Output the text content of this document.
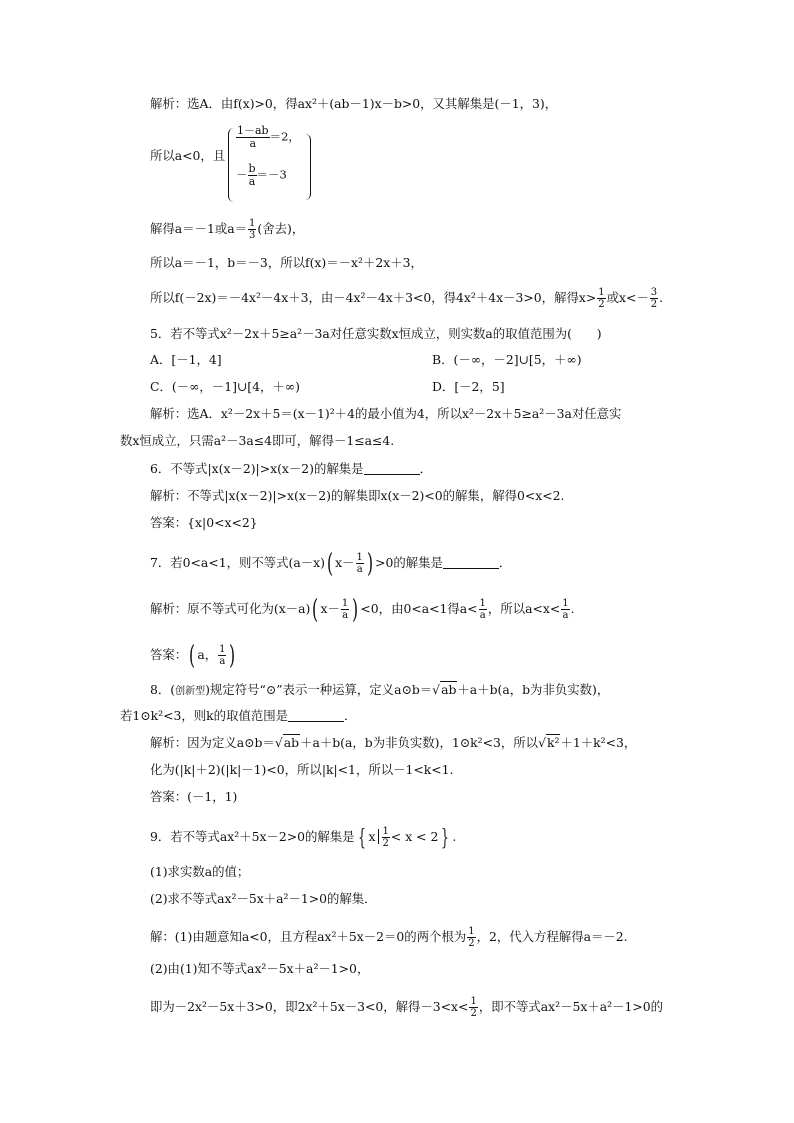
解析：选A．由f(x)>0，得ax²＋(ab－1)x－b>0，又其解集是(－1，3)，

所以a<0，且

$\frac{1-ab}{a} =2$，
－ $\frac{b}{a} =-3$

解得a＝－1或$a= \frac{1}{3}$ (舍去)，

所以a＝－1，b＝－3，所以f(x)＝－x²＋2x＋3，

所以f(－2x)＝－4x²－4x＋3，由－4x²－4x＋3<0，得4x²＋4x－3>0，解得$x> \frac{1}{2}$ 或$x<- \frac{3}{2}$ .

5．若不等式x²－2x＋5≥a²－3a对任意实数x恒成立，则实数a的取值范围为(　　)

A．[－1，4]	B．(－∞，－2]∪[5，＋∞)

C．(－∞，－1]∪[4，＋∞)	D．[－2，5]

解析：选A．x²－2x＋5＝(x－1)²＋4的最小值为4，所以x²－2x＋5≥a²－3a对任意实

数x恒成立，只需a²－3a≤4即可，解得－1≤a≤4.

6．不等式|x(x－2)|>x(x－2)的解集是	．

解析：不等式|x(x－2)|>x(x－2)的解集即x(x－2)<0的解集，解得0<x<2.

答案：{x|0<x<2}

7．若0<a<1，则不等式(a－x)( $x- \frac{1}{a}$ ) >0的解集是	．

解析：原不等式可化为(x－a)( $x- \frac{1}{a}$ ) <0，由0<a<1得$a< \frac{1}{a}$ ，所以$a<x< \frac{1}{a}$ .

答案：( a， $\frac{1}{a}$ )

8．(创新型)规定符号“⊙”表示一种运算，定义a⊙b＝√ab＋a＋b(a，b为非负实数)，

若1⊙k²<3，则k的取值范围是	．

解析：因为定义a⊙b＝√ab＋a＋b(a，b为非负实数)，1⊙k²<3，所以√k²＋1＋k²<3，

化为(|k|＋2)(|k|－1)<0，所以|k|<1，所以－1<k<1.

答案：(－1，1)

9．若不等式ax²＋5x－2>0的解集是 { x $\frac{1}{2} < x < 2$ } .

(1)求实数a的值；

(2)求不等式ax²－5x＋a²－1>0的解集．

解：(1)由题意知a<0，且方程ax²＋5x－2＝0的两个根为 $\frac{1}{2}$ ，2，代入方程解得a＝－2.

(2)由(1)知不等式ax²－5x＋a²－1>0，

即为－2x²－5x＋3>0，即2x²＋5x－3<0，解得$-3<x< \frac{1}{2}$ ，即不等式ax²－5x＋a²－1>0的
